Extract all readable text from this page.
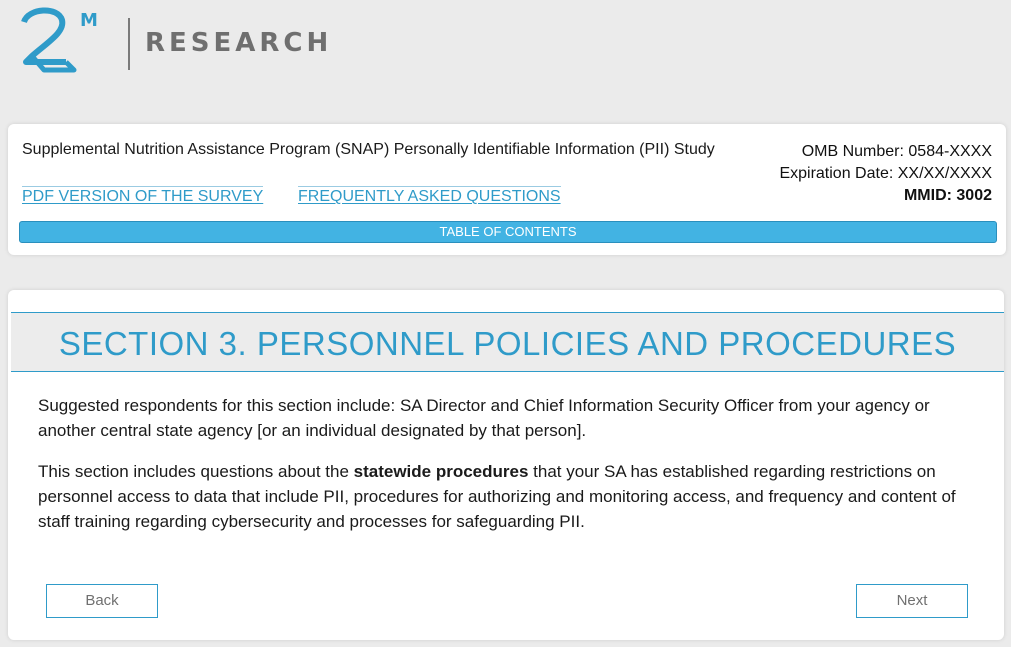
M
RESEARCH
Supplemental Nutrition Assistance Program (SNAP) Personally Identifiable Information (PII) Study	OMB Number: 0584-XXXX
Expiration Date: XX/XX/XXXX
MMID: 3002
PDF VERSION OF THE SURVEY FREQUENTLY ASKED QUESTIONS
TABLE OF CONTENTS
SECTION 3. PERSONNEL POLICIES AND PROCEDURES

Suggested respondents for this section include: SA Director and Chief Information Security Officer from your agency or another central state agency [or an individual designated by that person].

This section includes questions about the statewide procedures that your SA has established regarding restrictions on personnel access to data that include PII, procedures for authorizing and monitoring access, and frequency and content of staff training regarding cybersecurity and processes for safeguarding PII.

Back	Next
